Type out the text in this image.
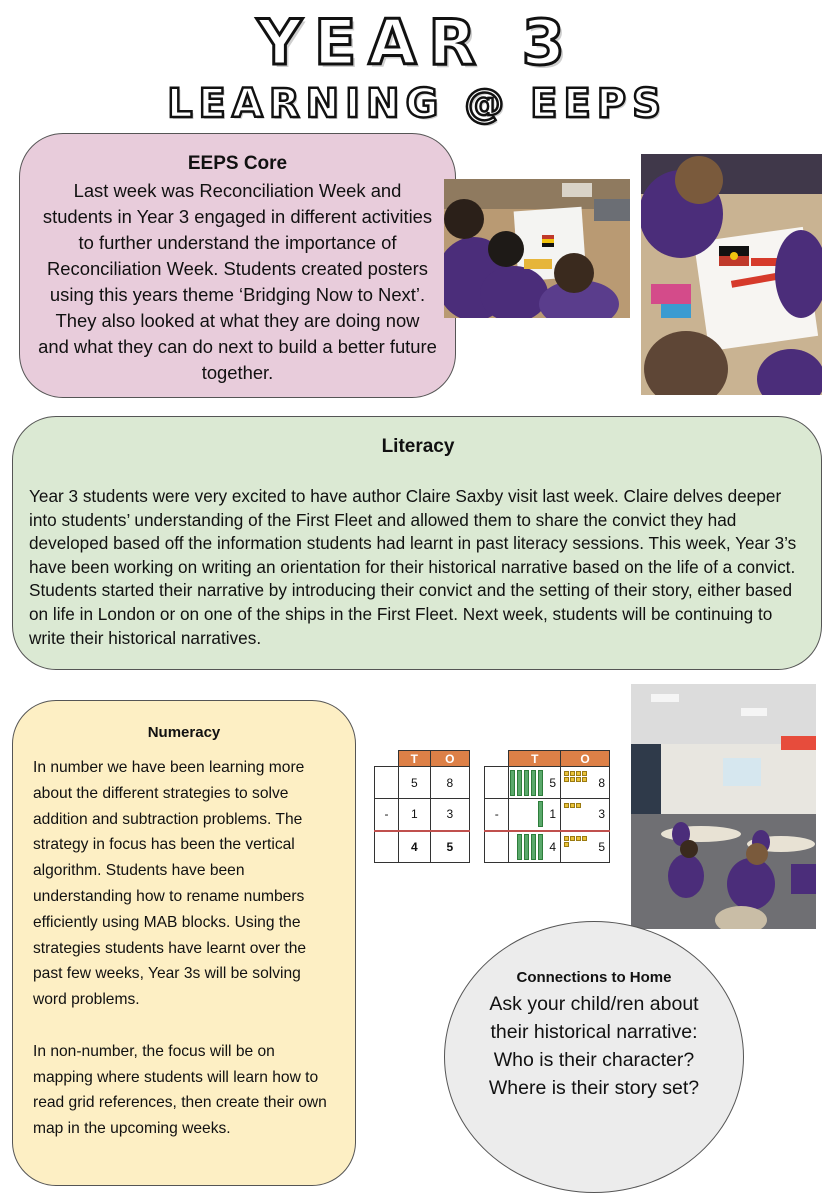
YEAR 3
LEARNING @ EEPS
EEPS Core
Last week was Reconciliation Week and students in Year 3 engaged in different activities to further understand the importance of Reconciliation Week. Students created posters using this years theme ‘Bridging Now to Next’. They also looked at what they are doing now and what they can do next to build a better future together.
Literacy
Year 3 students were very excited to have author Claire Saxby visit last week. Claire delves deeper into students’ understanding of the First Fleet and allowed them to share the convict they had developed based off the information students had learnt in past literacy sessions. This week, Year 3’s have been working on writing an orientation for their historical narrative based on the life of a convict. Students started their narrative by introducing their convict and the setting of their story, either based on life in London or on one of the ships in the First Fleet. Next week, students will be continuing to write their historical narratives.
Numeracy

In number we have been learning more about the different strategies to solve addition and subtraction problems. The strategy in focus has been the vertical algorithm. Students have been understanding how to rename numbers efficiently using MAB blocks. Using the strategies students have learnt over the past few weeks, Year 3s will be solving word problems.

In non-number, the focus will be on mapping where students will learn how to read grid references, then create their own map in the upcoming weeks.

	T	O
	5	8
-	1	3
	4	5
	T	O

	5	8

-	1	3

	4	5
Connections to Home
Ask your child/ren about their historical narrative: Who is their character? Where is their story set?
